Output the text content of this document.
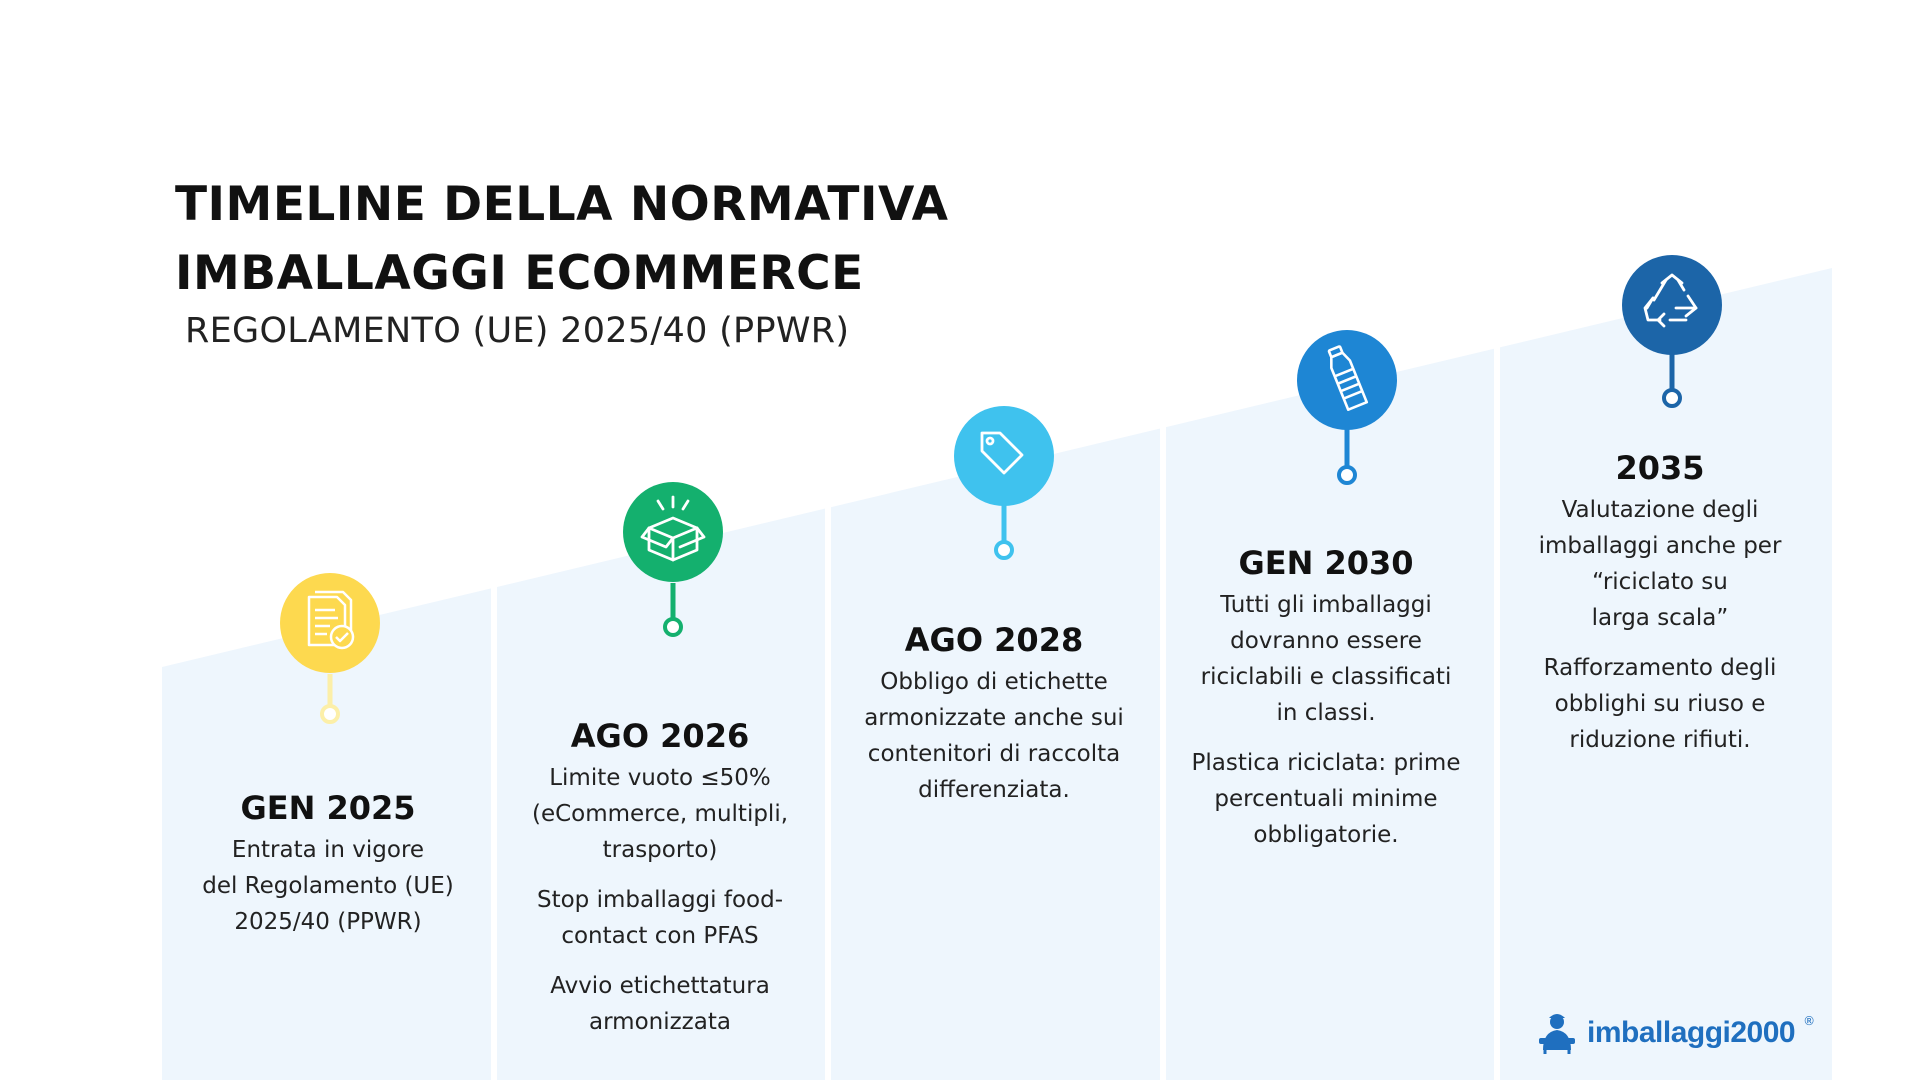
TIMELINE DELLA NORMATIVA
IMBALLAGGI ECOMMERCE
REGOLAMENTO (UE) 2025/40 (PPWR)
GEN 2025

Entrata in vigore
del Regolamento (UE)
2025/40 (PPWR)

AGO 2026

Limite vuoto ≤50%
(eCommerce, multipli,
trasporto)

Stop imballaggi food-
contact con PFAS

Avvio etichettatura
armonizzata

AGO 2028

Obbligo di etichette
armonizzate anche sui
contenitori di raccolta
differenziata.

GEN 2030

Tutti gli imballaggi
dovranno essere
riciclabili e classificati
in classi.

Plastica riciclata: prime
percentuali minime
obbligatorie.

2035

Valutazione degli
imballaggi anche per
“riciclato su
larga scala”

Rafforzamento degli
obblighi su riuso e
riduzione rifiuti.

imballaggi2000 ®
